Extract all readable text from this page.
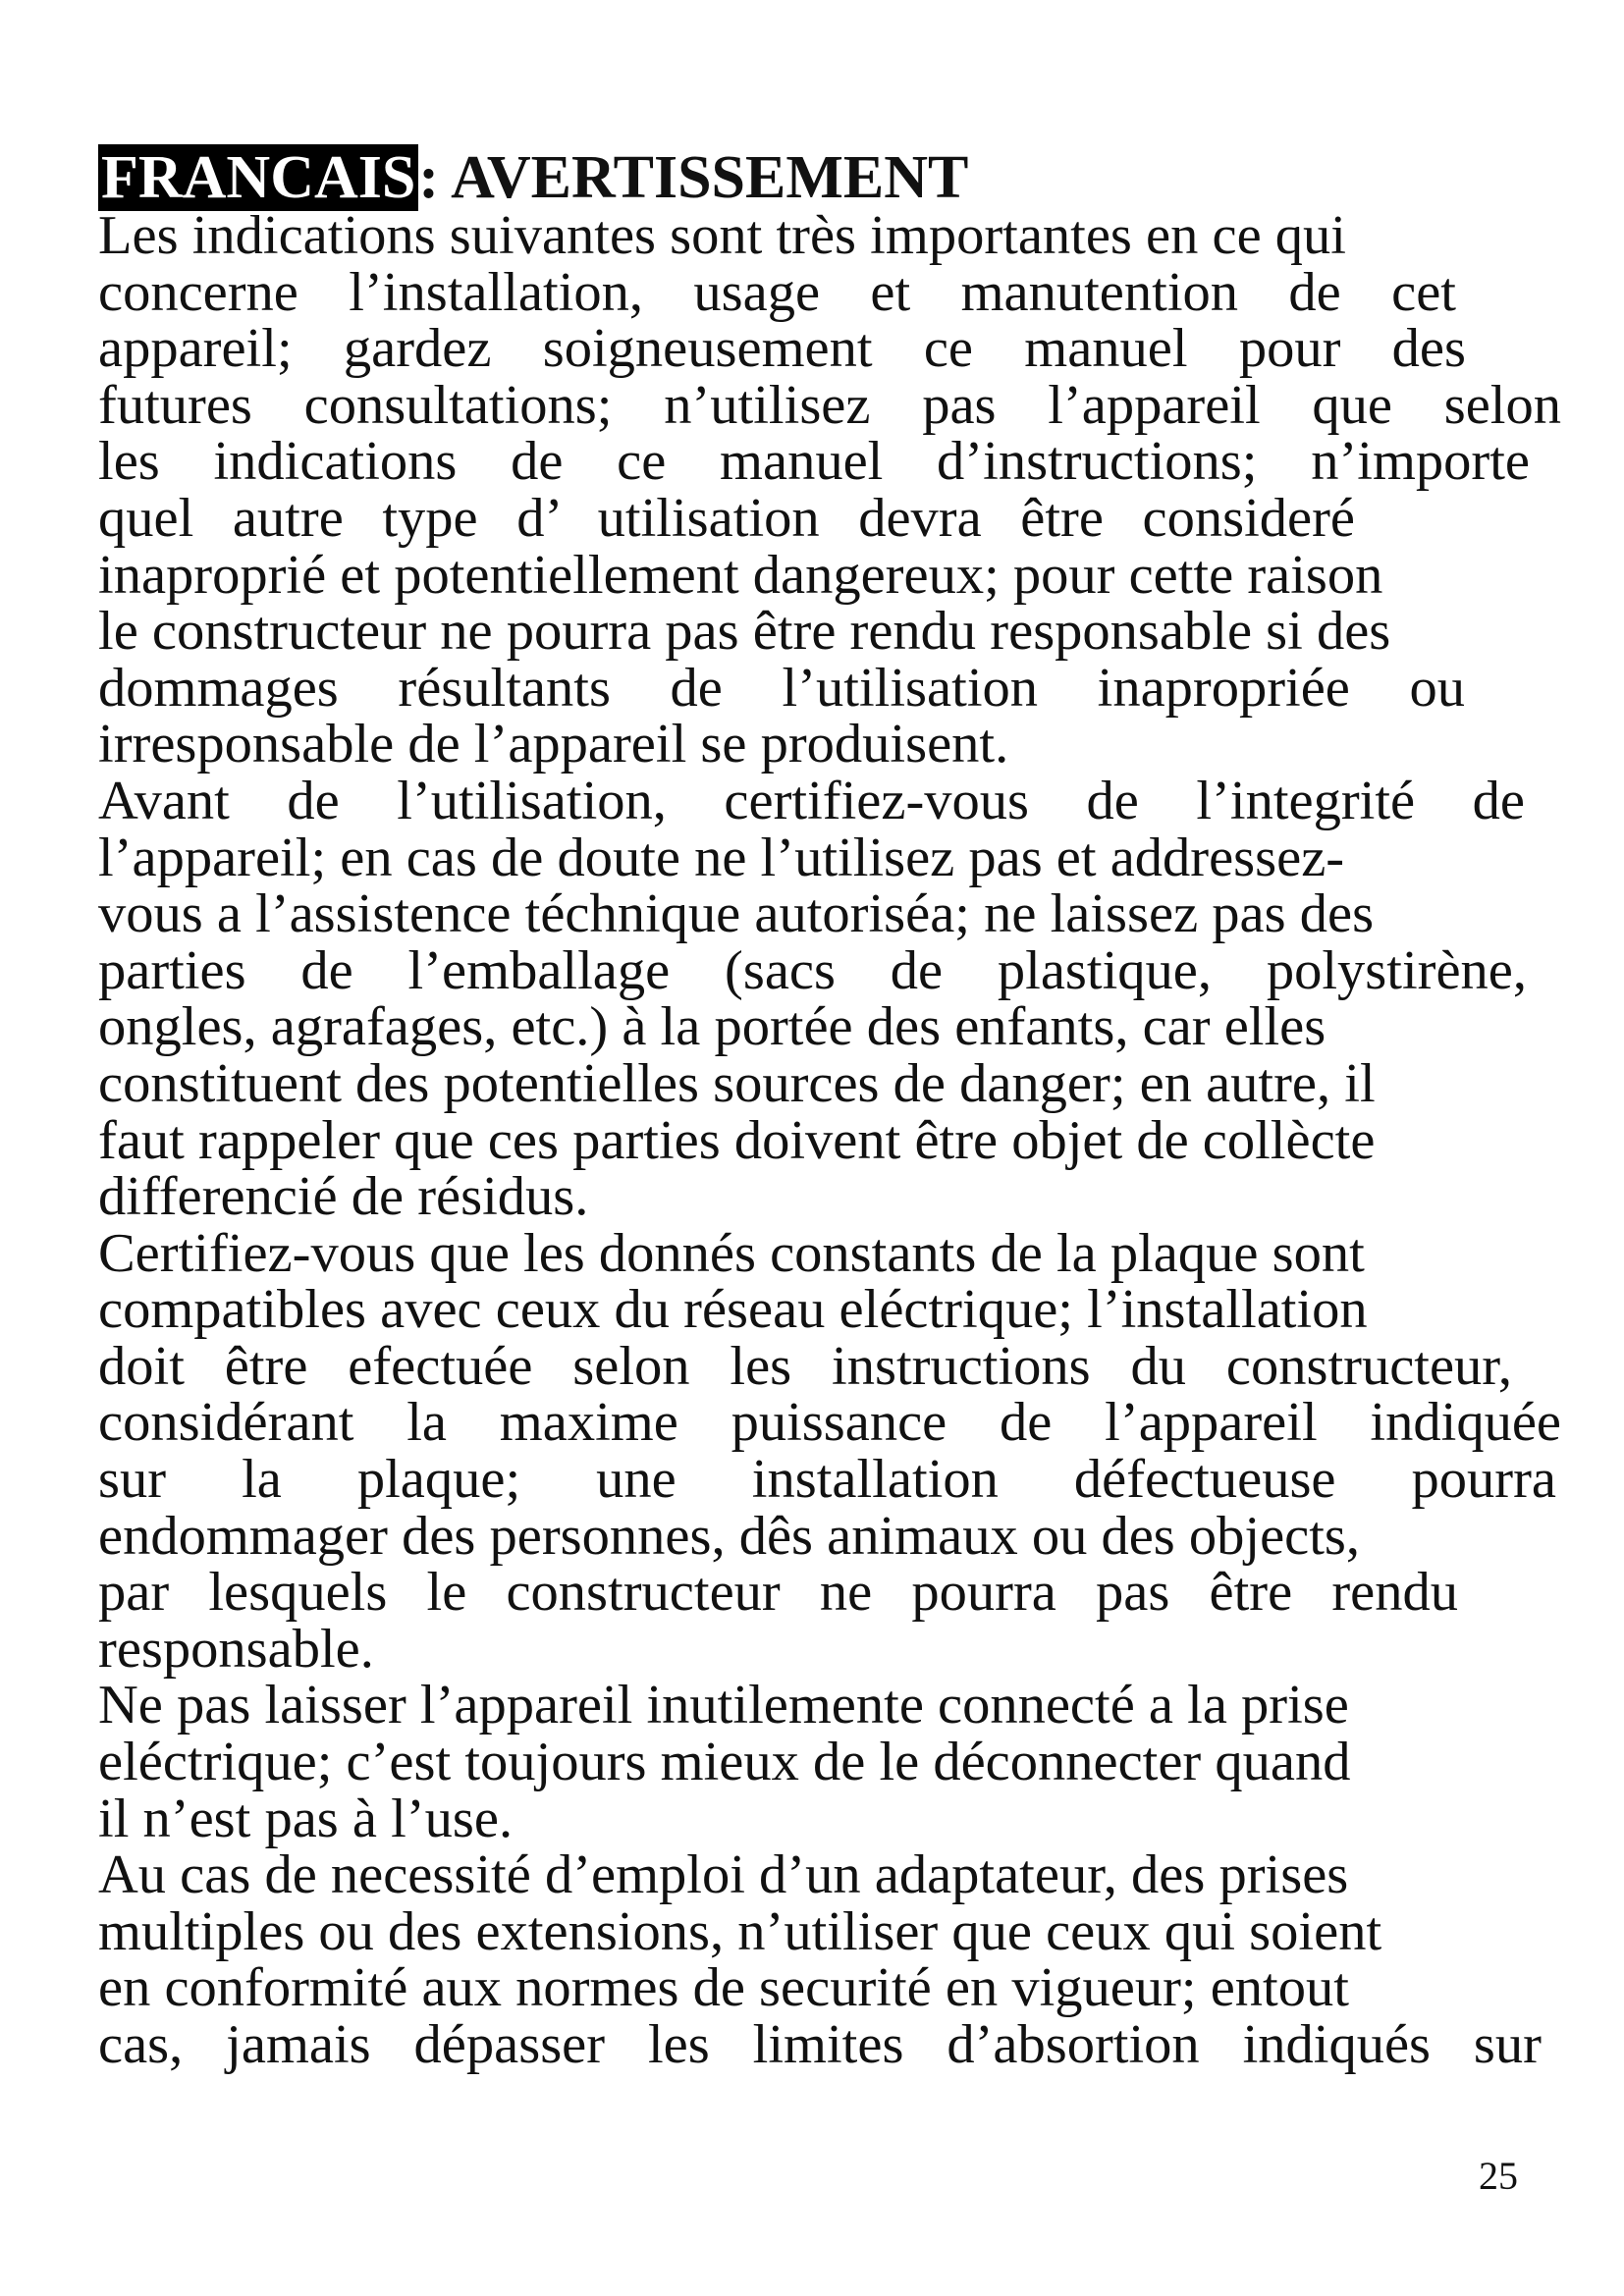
FRANCAIS: AVERTISSEMENT

Les indications suivantes sont très importantes en ce qui
concerne l’installation, usage et manutention de cet
appareil; gardez soigneusement ce manuel pour des
futures consultations; n’utilisez pas l’appareil que selon
les indications de ce manuel d’instructions; n’importe
quel autre type d’ utilisation devra être consideré
inaproprié et potentiellement dangereux; pour cette raison
le constructeur ne pourra pas être rendu responsable si des
dommages résultants de l’utilisation inapropriée ou
irresponsable de l’appareil se produisent.

Avant de l’utilisation, certifiez-vous de l’integrité de
l’appareil; en cas de doute ne l’utilisez pas et addressez-
vous a l’assistence téchnique autoriséa; ne laissez pas des
parties de l’emballage (sacs de plastique, polystirène,
ongles, agrafages, etc.) à la portée des enfants, car elles
constituent des potentielles sources de danger; en autre, il
faut rappeler que ces parties doivent être objet de collècte
differencié de résidus.

Certifiez-vous que les donnés constants de la plaque sont
compatibles avec ceux du réseau eléctrique; l’installation
doit être efectuée selon les instructions du constructeur,
considérant la maxime puissance de l’appareil indiquée
sur la plaque; une installation défectueuse pourra
endommager des personnes, dês animaux ou des objects,
par lesquels le constructeur ne pourra pas être rendu
responsable.

Ne pas laisser l’appareil inutilemente connecté a la prise
eléctrique; c’est toujours mieux de le déconnecter quand
il n’est pas à l’use.

Au cas de necessité d’emploi d’un adaptateur, des prises
multiples ou des extensions, n’utiliser que ceux qui soient
en conformité aux normes de securité en vigueur; entout
cas, jamais dépasser les limites d’absortion indiqués sur

25
